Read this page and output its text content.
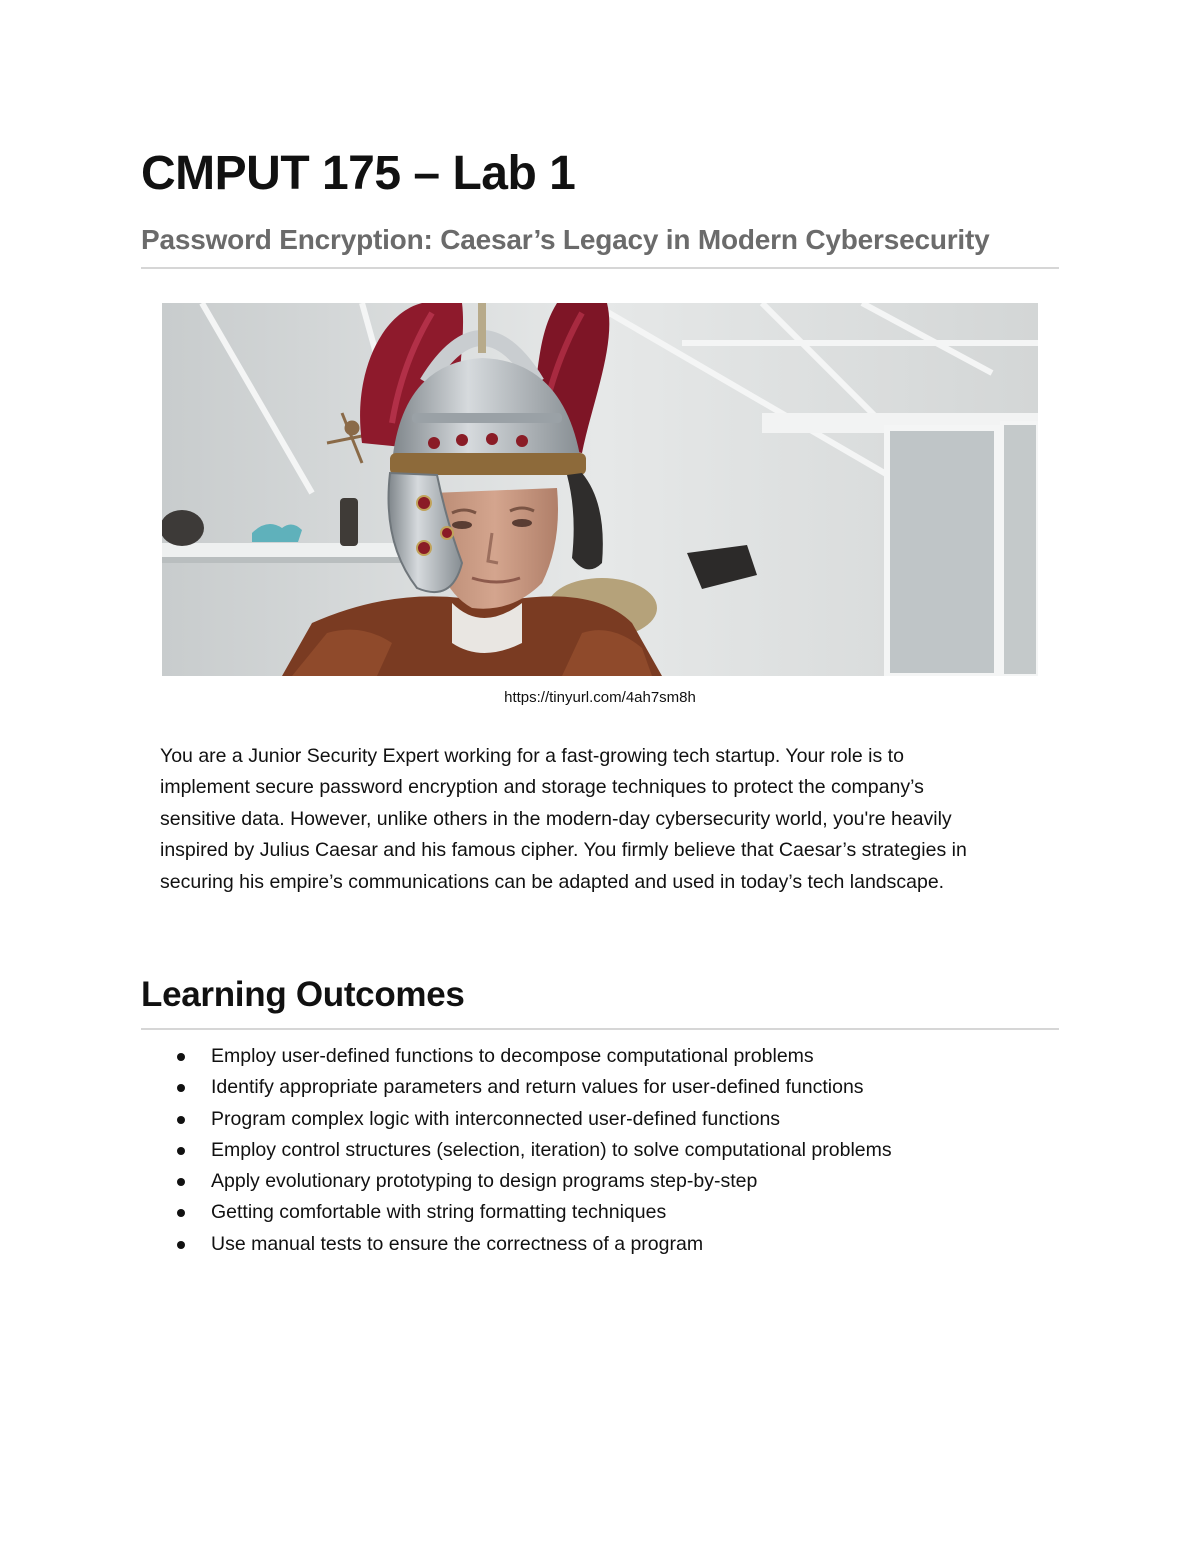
CMPUT 175 – Lab 1
Password Encryption: Caesar’s Legacy in Modern Cybersecurity
https://tinyurl.com/4ah7sm8h

You are a Junior Security Expert working for a fast-growing tech startup. Your role is to
implement secure password encryption and storage techniques to protect the company’s
sensitive data. However, unlike others in the modern-day cybersecurity world, you're heavily
inspired by Julius Caesar and his famous cipher. You firmly believe that Caesar’s strategies in
securing his empire’s communications can be adapted and used in today’s tech landscape.

Learning Outcomes
Employ user-defined functions to decompose computational problems
Identify appropriate parameters and return values for user-defined functions
Program complex logic with interconnected user-defined functions
Employ control structures (selection, iteration) to solve computational problems
Apply evolutionary prototyping to design programs step-by-step
Getting comfortable with string formatting techniques
Use manual tests to ensure the correctness of a program
